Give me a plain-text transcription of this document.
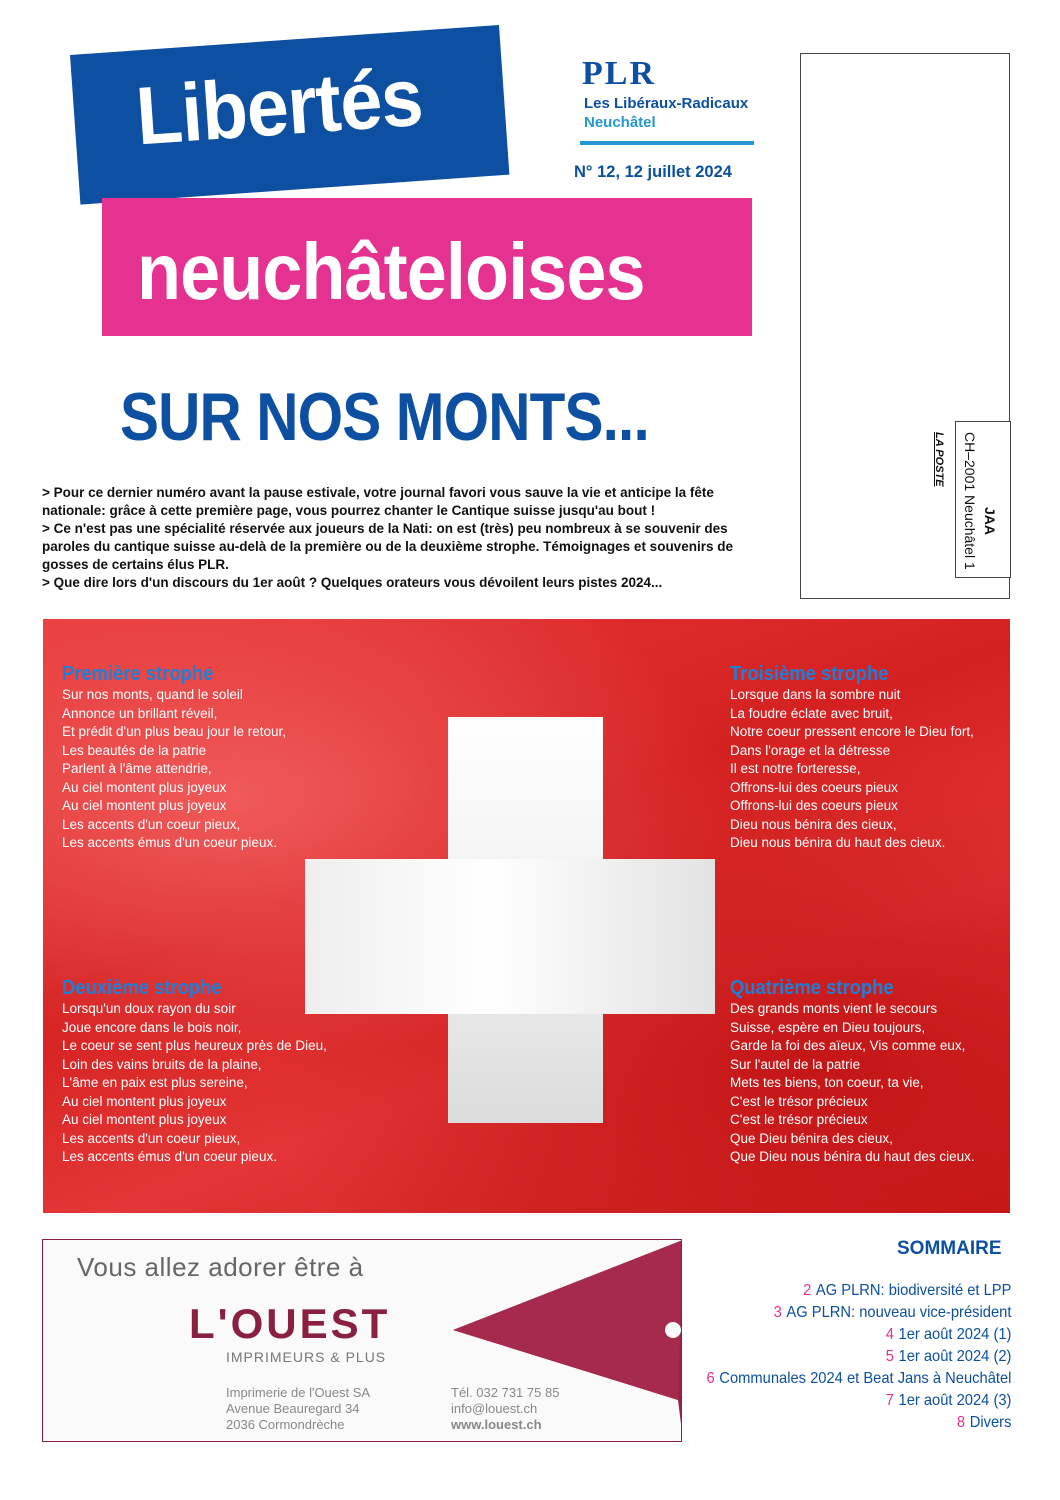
Libertés
neuchâteloises
PLR
Les Libéraux-Radicaux
Neuchâtel
N° 12, 12 juillet 2024
JAA
CH–2001 Neuchâtel 1
LA POSTE
SUR NOS MONTS...

> Pour ce dernier numéro avant la pause estivale, votre journal favori vous sauve la vie et anticipe la fête nationale: grâce à cette première page, vous pourrez chanter le Cantique suisse jusqu'au bout !

> Ce n'est pas une spécialité réservée aux joueurs de la Nati: on est (très) peu nombreux à se souvenir des paroles du cantique suisse au-delà de la première ou de la deuxième strophe. Témoignages et souvenirs de gosses de certains élus PLR.

> Que dire lors d'un discours du 1er août ? Quelques orateurs vous dévoilent leurs pistes 2024...

Première strophe
Sur nos monts, quand le soleil
Annonce un brillant réveil,
Et prédit d'un plus beau jour le retour,
Les beautés de la patrie
Parlent à l'âme attendrie,
Au ciel montent plus joyeux
Au ciel montent plus joyeux
Les accents d'un coeur pieux,
Les accents émus d'un coeur pieux.
Troisième strophe
Lorsque dans la sombre nuit
La foudre éclate avec bruit,
Notre coeur pressent encore le Dieu fort,
Dans l'orage et la détresse
Il est notre forteresse,
Offrons-lui des coeurs pieux
Offrons-lui des coeurs pieux
Dieu nous bénira des cieux,
Dieu nous bénira du haut des cieux.
Deuxième strophe
Lorsqu'un doux rayon du soir
Joue encore dans le bois noir,
Le coeur se sent plus heureux près de Dieu,
Loin des vains bruits de la plaine,
L'âme en paix est plus sereine,
Au ciel montent plus joyeux
Au ciel montent plus joyeux
Les accents d'un coeur pieux,
Les accents émus d'un coeur pieux.
Quatrième strophe
Des grands monts vient le secours
Suisse, espère en Dieu toujours,
Garde la foi des aïeux, Vis comme eux,
Sur l'autel de la patrie
Mets tes biens, ton coeur, ta vie,
C'est le trésor précieux
C'est le trésor précieux
Que Dieu bénira des cieux,
Que Dieu nous bénira du haut des cieux.
Vous allez adorer être à
L'OUEST
IMPRIMEURS & PLUS
Imprimerie de l'Ouest SA
Avenue Beauregard 34
2036 Cormondrèche
Tél. 032 731 75 85
info@louest.ch
www.louest.ch
SOMMAIRE
2 AG PLRN: biodiversité et LPP
3 AG PLRN: nouveau vice-président
4 1er août 2024 (1)
5 1er août 2024 (2)
6 Communales 2024 et Beat Jans à Neuchâtel
7 1er août 2024 (3)
8 Divers
